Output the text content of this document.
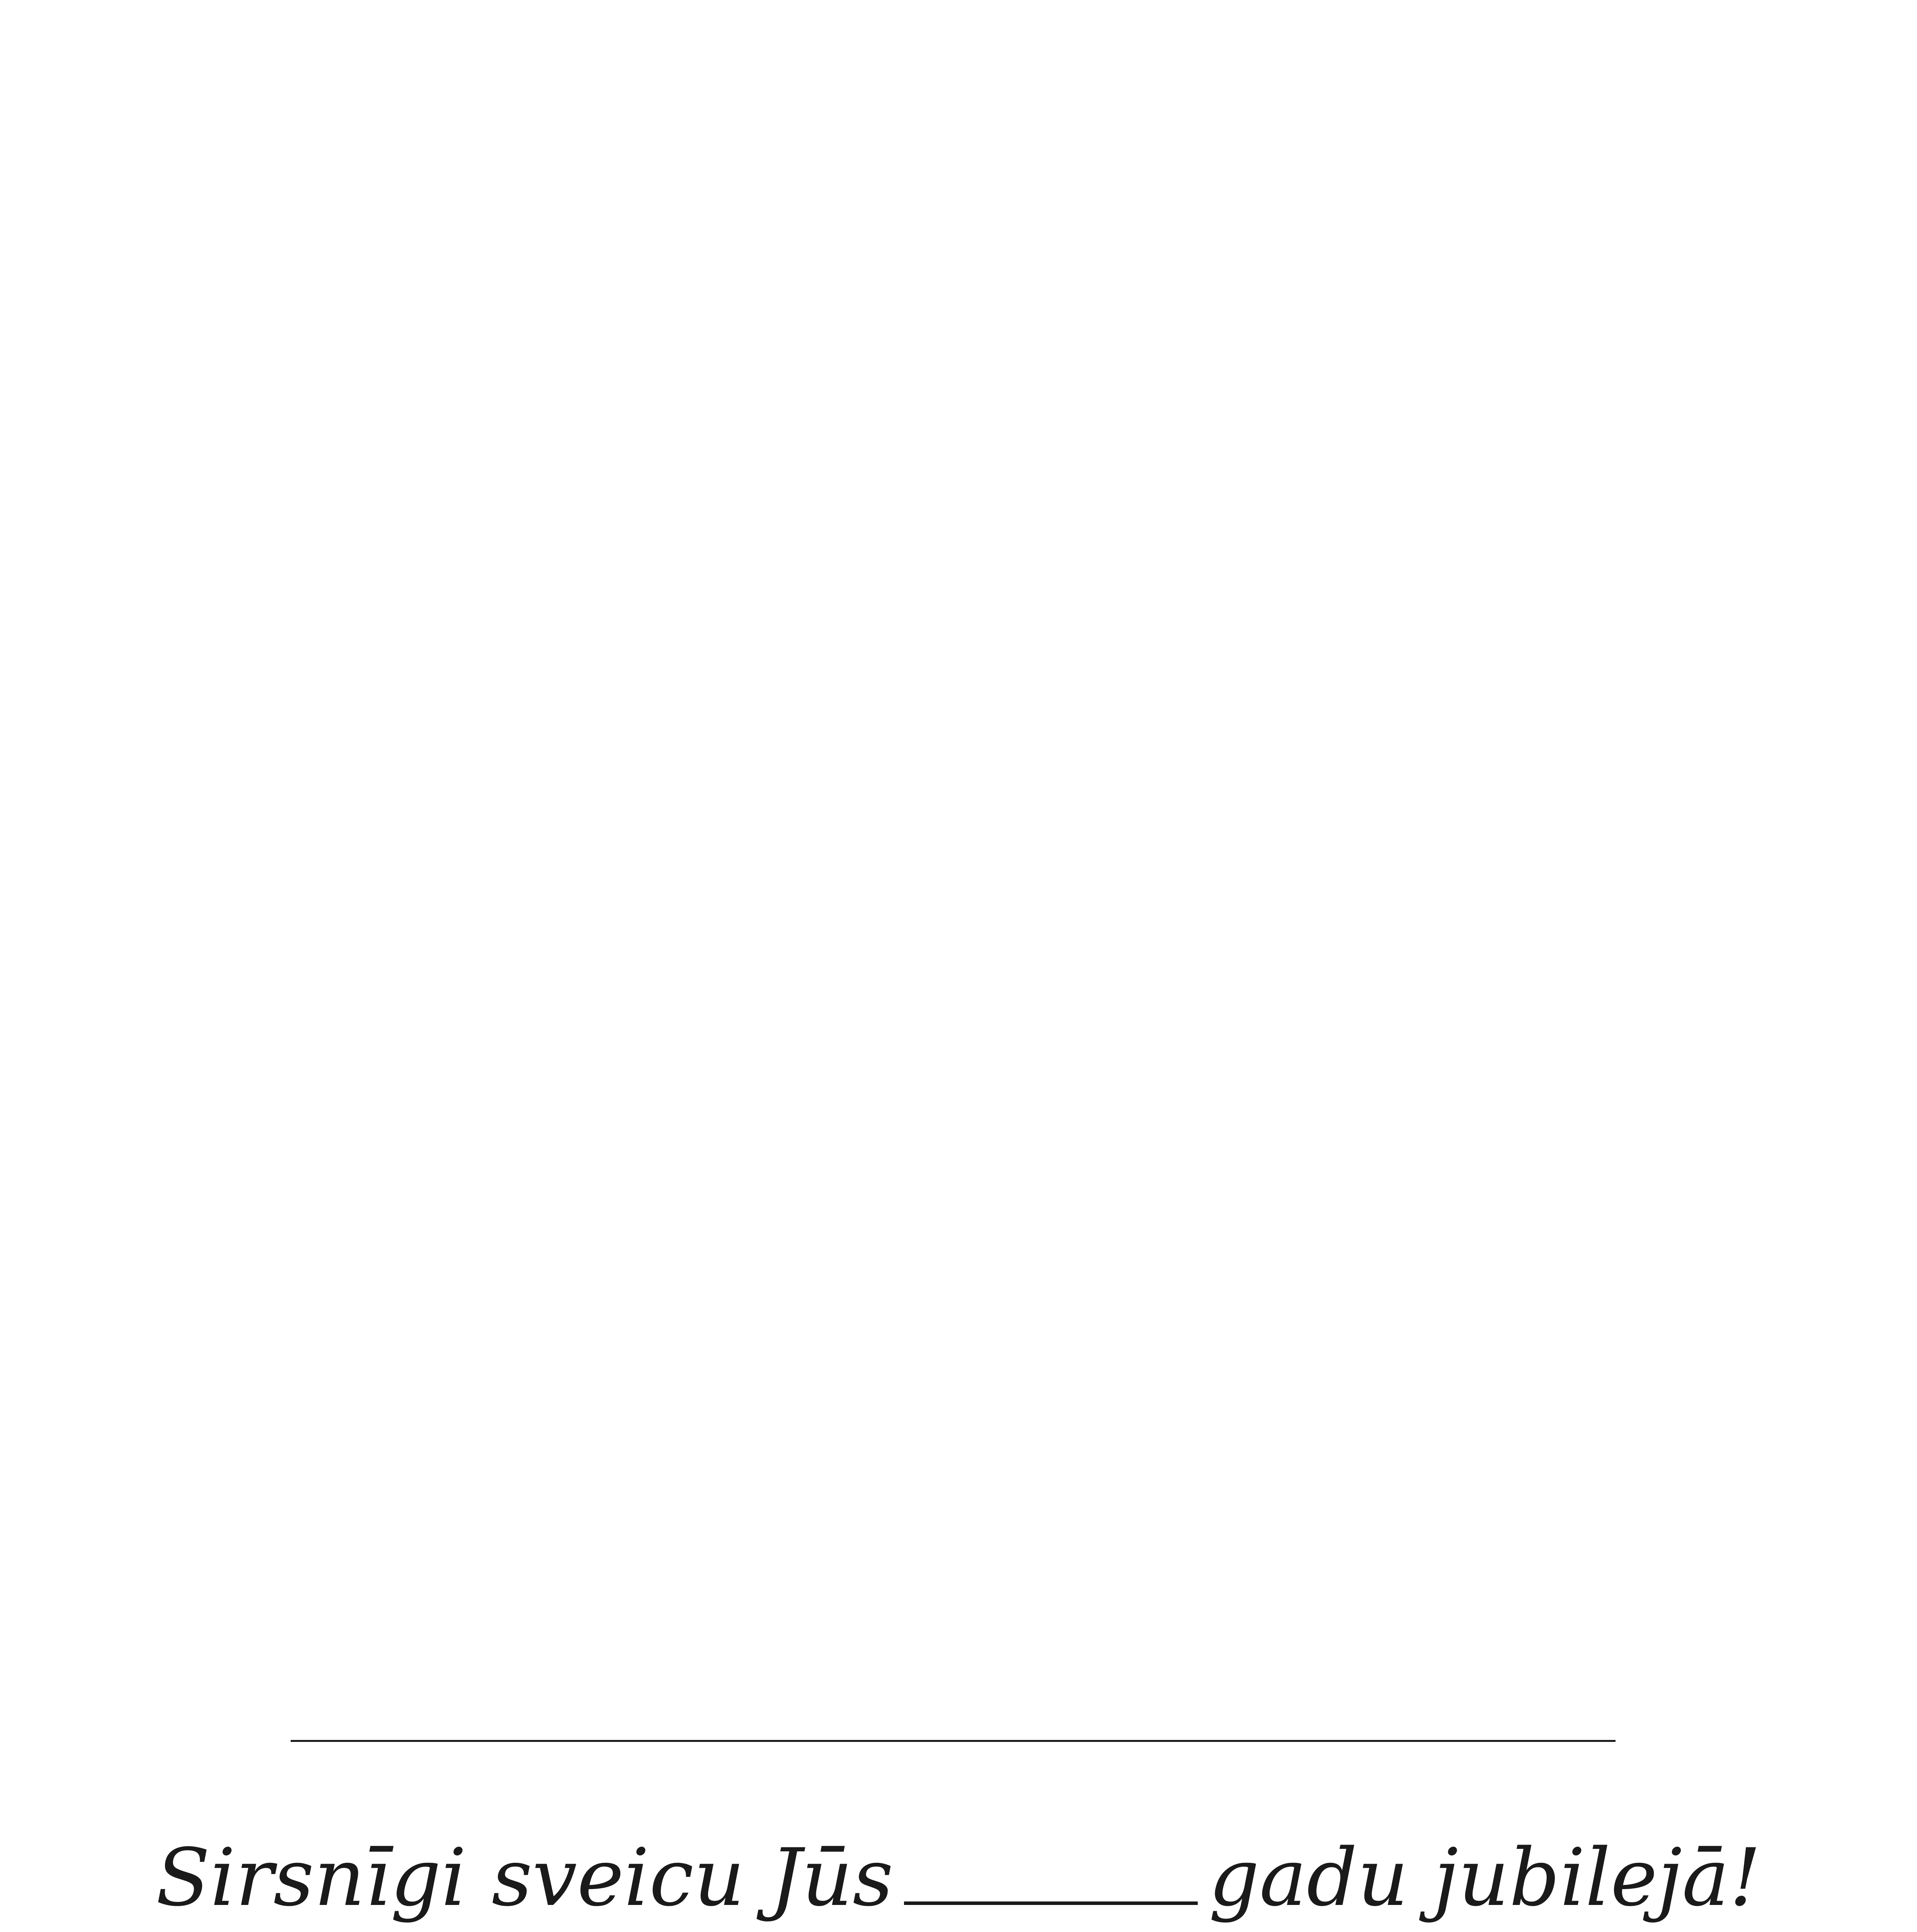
Sirsnīgi sveicu Jūs	gadu jubilejā!
